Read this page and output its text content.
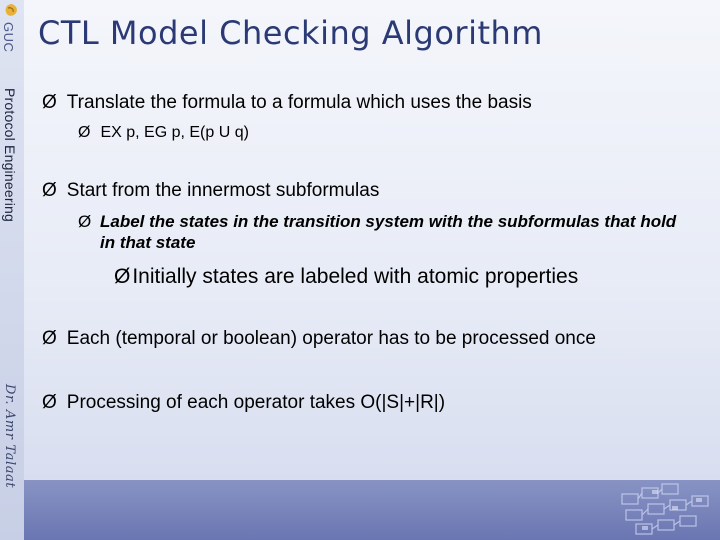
GUC
Protocol Engineering
Dr. Amr Talaat
CTL Model Checking Algorithm
Ø Translate the formula to a formula which uses the basis
Ø EX p, EG p, E(p U q)
Ø Start from the innermost subformulas
Ø Label the states in the transition system with the subformulas that hold in that state
ØInitially states are labeled with atomic properties
Ø Each (temporal or boolean) operator has to be processed once
Ø Processing of each operator takes O(|S|+|R|)
